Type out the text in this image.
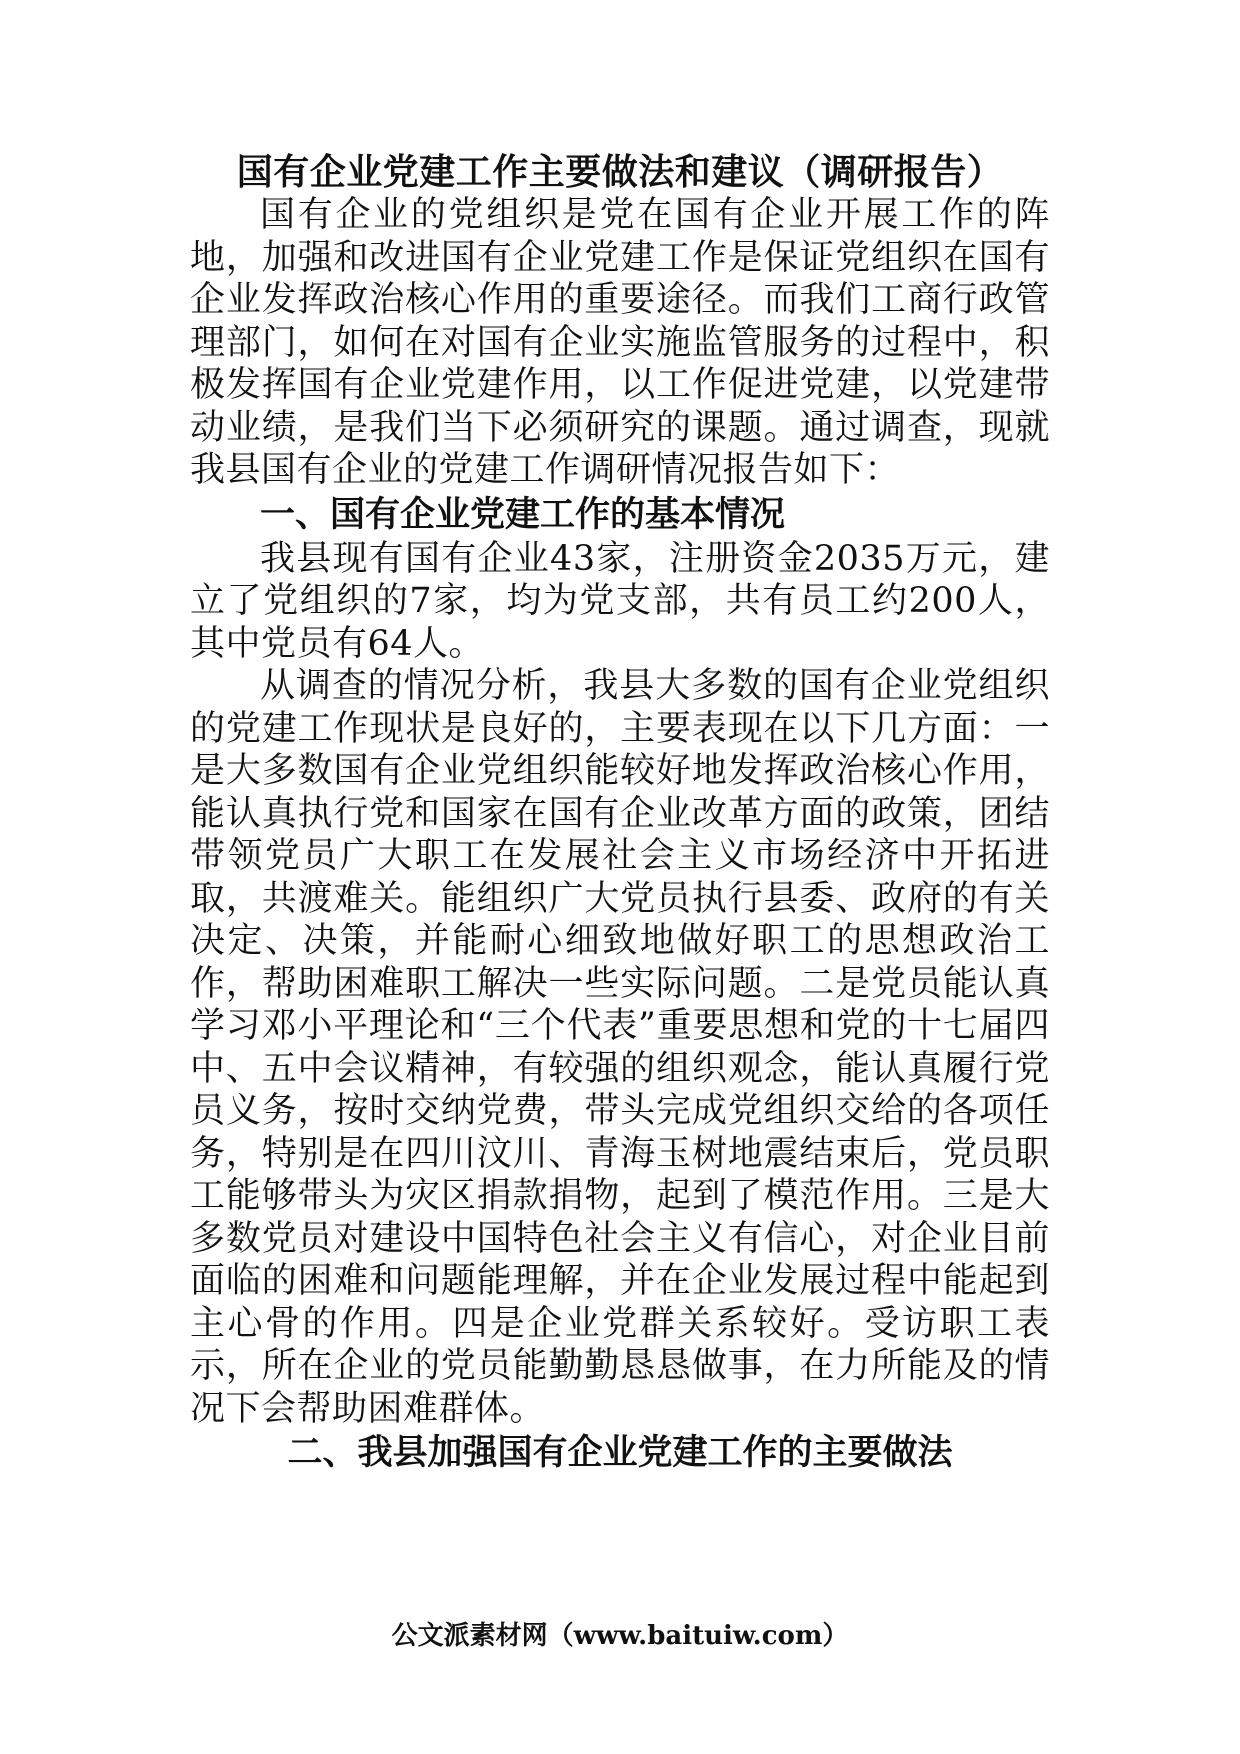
国有企业党建工作主要做法和建议（调研报告）

国有企业的党组织是党在国有企业开展工作的阵地，加强和改进国有企业党建工作是保证党组织在国有企业发挥政治核心作用的重要途径。而我们工商行政管理部门，如何在对国有企业实施监管服务的过程中，积极发挥国有企业党建作用，以工作促进党建，以党建带动业绩，是我们当下必须研究的课题。通过调查，现就我县国有企业的党建工作调研情况报告如下：

一、国有企业党建工作的基本情况

我县现有国有企业43家，注册资金2035万元，建立了党组织的7家，均为党支部，共有员工约200人，其中党员有64人。

从调查的情况分析，我县大多数的国有企业党组织的党建工作现状是良好的，主要表现在以下几方面：一是大多数国有企业党组织能较好地发挥政治核心作用，能认真执行党和国家在国有企业改革方面的政策，团结带领党员广大职工在发展社会主义市场经济中开拓进取，共渡难关。能组织广大党员执行县委、政府的有关决定、决策，并能耐心细致地做好职工的思想政治工作，帮助困难职工解决一些实际问题。二是党员能认真学习邓小平理论和“三个代表”重要思想和党的十七届四中、五中会议精神，有较强的组织观念，能认真履行党员义务，按时交纳党费，带头完成党组织交给的各项任务，特别是在四川汶川、青海玉树地震结束后，党员职工能够带头为灾区捐款捐物，起到了模范作用。三是大多数党员对建设中国特色社会主义有信心，对企业目前面临的困难和问题能理解，并在企业发展过程中能起到主心骨的作用。四是企业党群关系较好。受访职工表示，所在企业的党员能勤勤恳恳做事，在力所能及的情况下会帮助困难群体。

二、我县加强国有企业党建工作的主要做法
公文派素材网（www.baituiw.com）
